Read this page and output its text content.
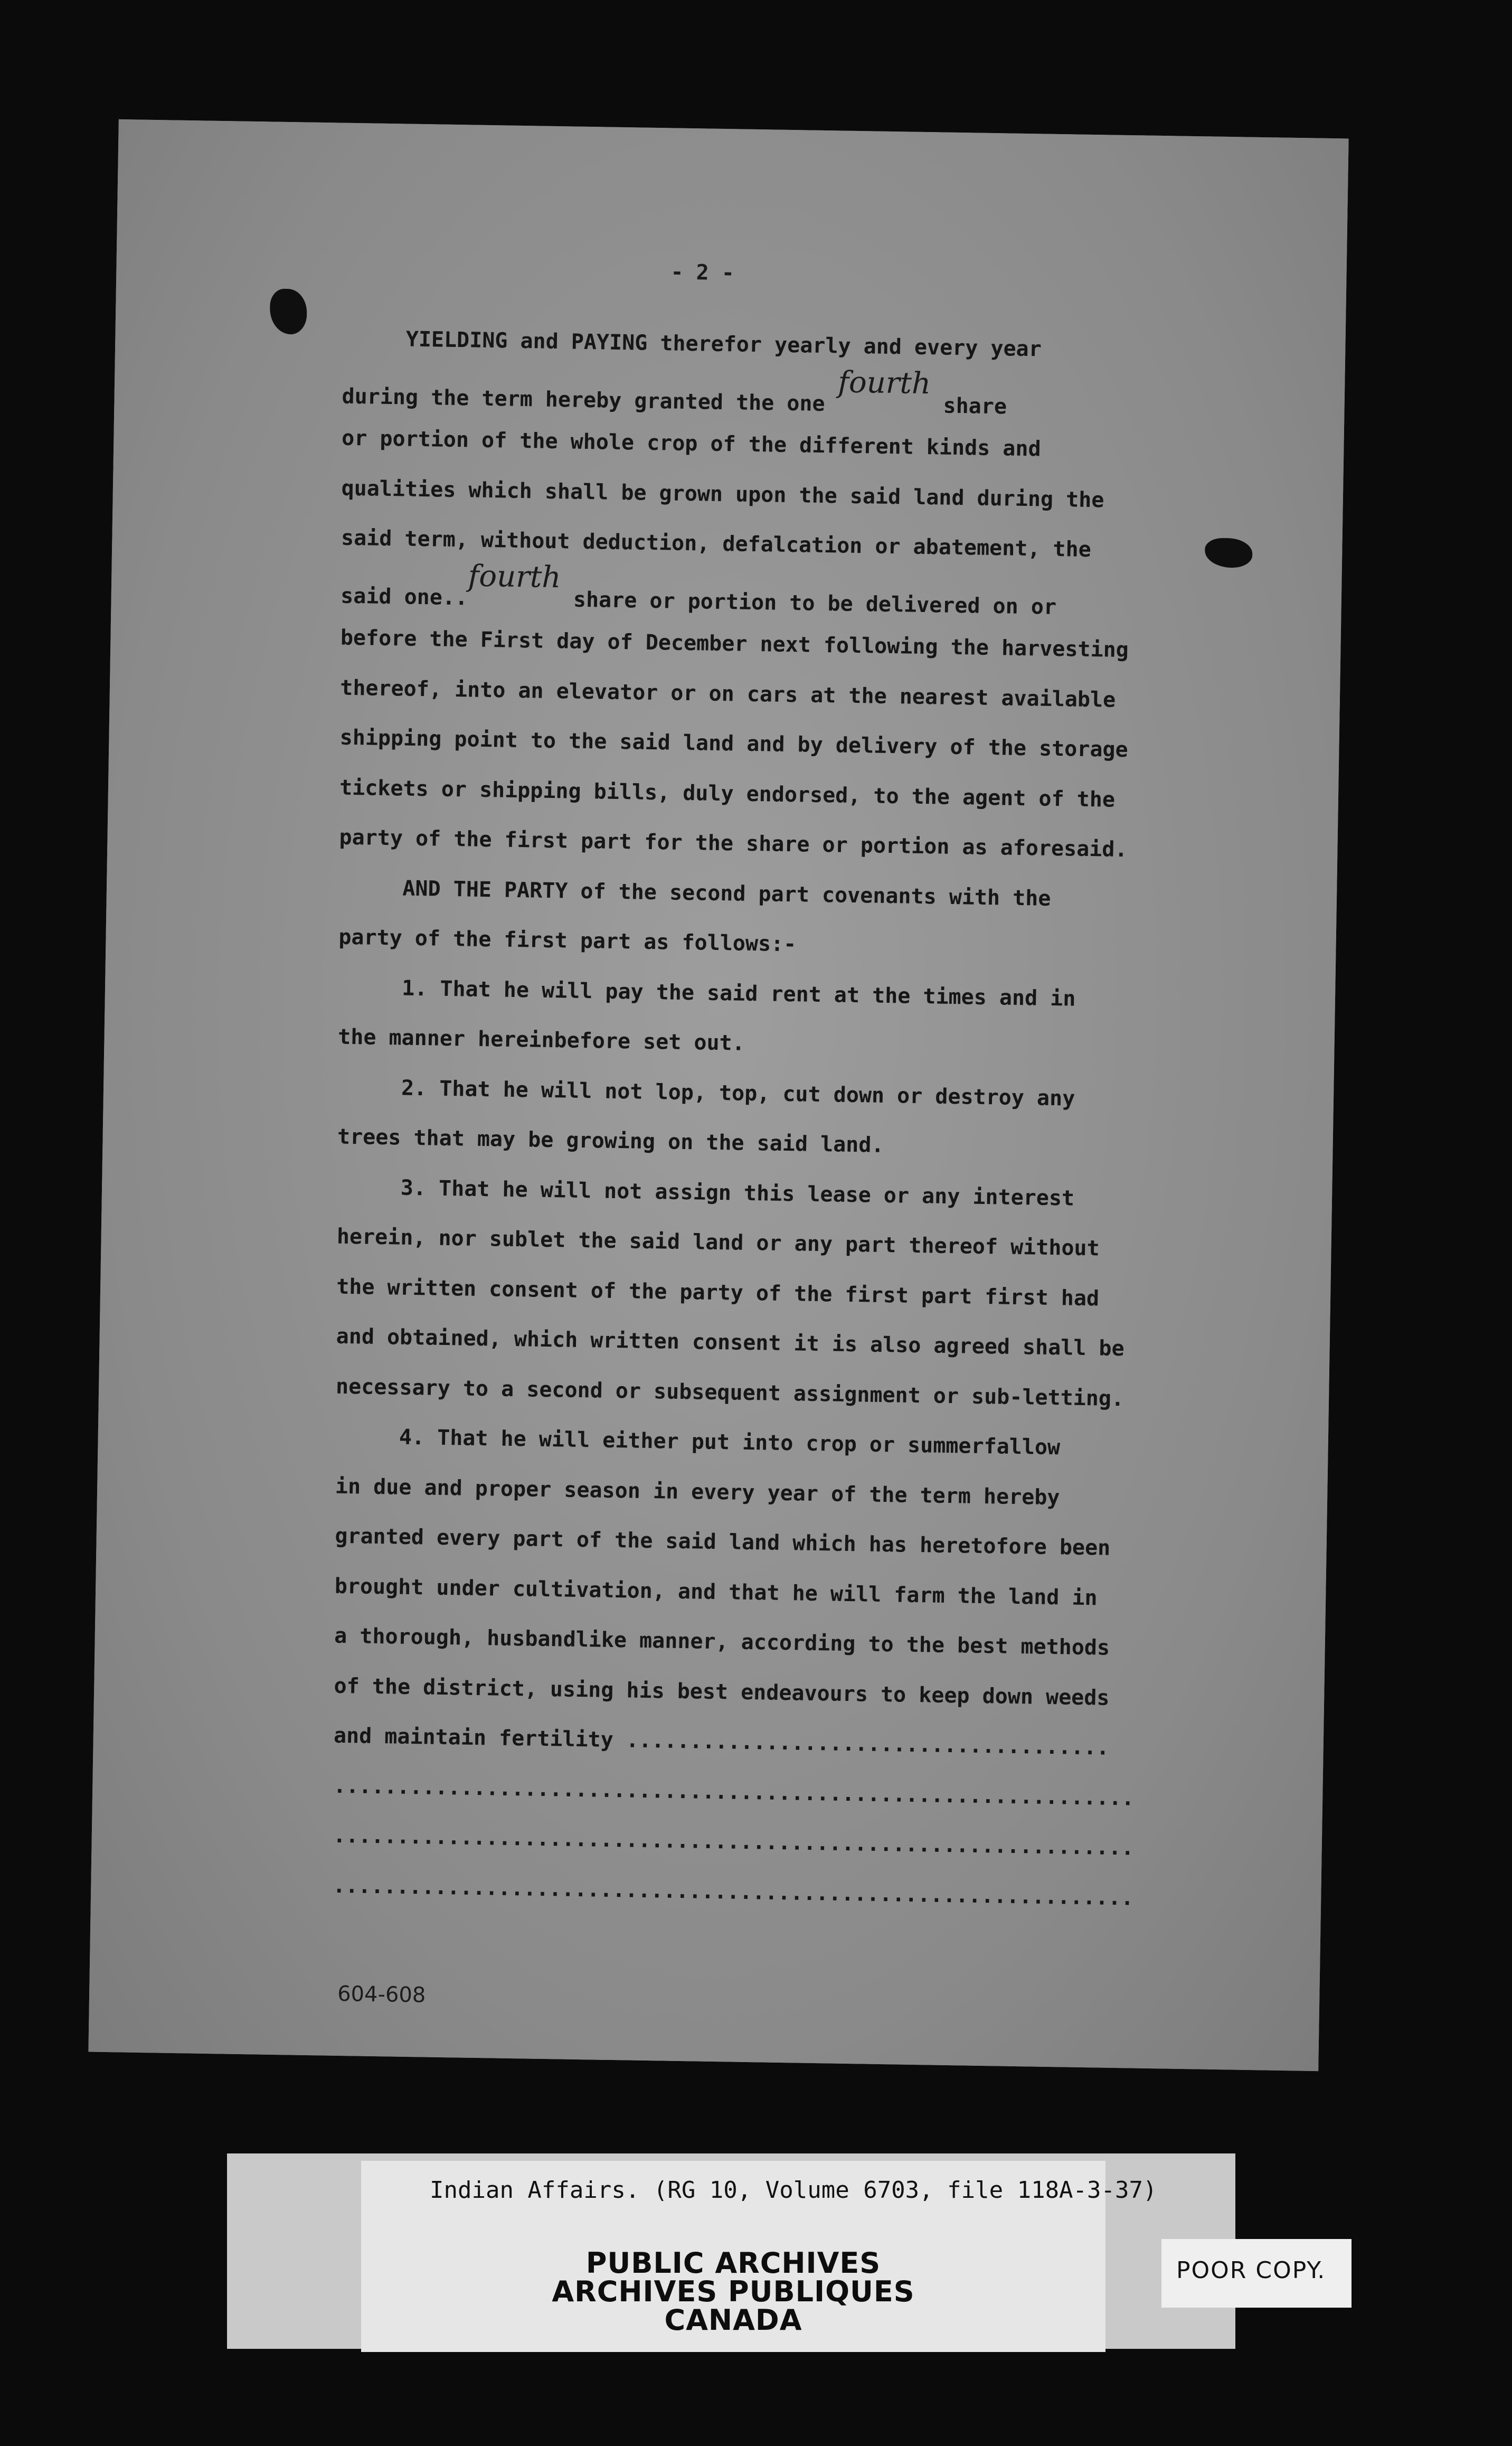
- 2 -
YIELDING and PAYING therefor yearly and every year
during the term hereby granted the one fourth share
or portion of the whole crop of the different kinds and
qualities which shall be grown upon the said land during the
said term, without deduction, defalcation or abatement, the
said one..fourth share or portion to be delivered on or
before the First day of December next following the harvesting
thereof, into an elevator or on cars at the nearest available
shipping point to the said land and by delivery of the storage
tickets or shipping bills, duly endorsed, to the agent of the
party of the first part for the share or portion as aforesaid.
AND THE PARTY of the second part covenants with the
party of the first part as follows:-
1. That he will pay the said rent at the times and in
the manner hereinbefore set out.
2. That he will not lop, top, cut down or destroy any
trees that may be growing on the said land.
3. That he will not assign this lease or any interest
herein, nor sublet the said land or any part thereof without
the written consent of the party of the first part first had
and obtained, which written consent it is also agreed shall be
necessary to a second or subsequent assignment or sub-letting.
4. That he will either put into crop or summerfallow
in due and proper season in every year of the term hereby
granted every part of the said land which has heretofore been
brought under cultivation, and that he will farm the land in
a thorough, husbandlike manner, according to the best methods
of the district, using his best endeavours to keep down weeds
and maintain fertility ......................................
...............................................................
...............................................................
...............................................................
604-608
Indian Affairs. (RG 10, Volume 6703, file 118A-3-37)
PUBLIC ARCHIVES
ARCHIVES PUBLIQUES
CANADA
POOR COPY.
